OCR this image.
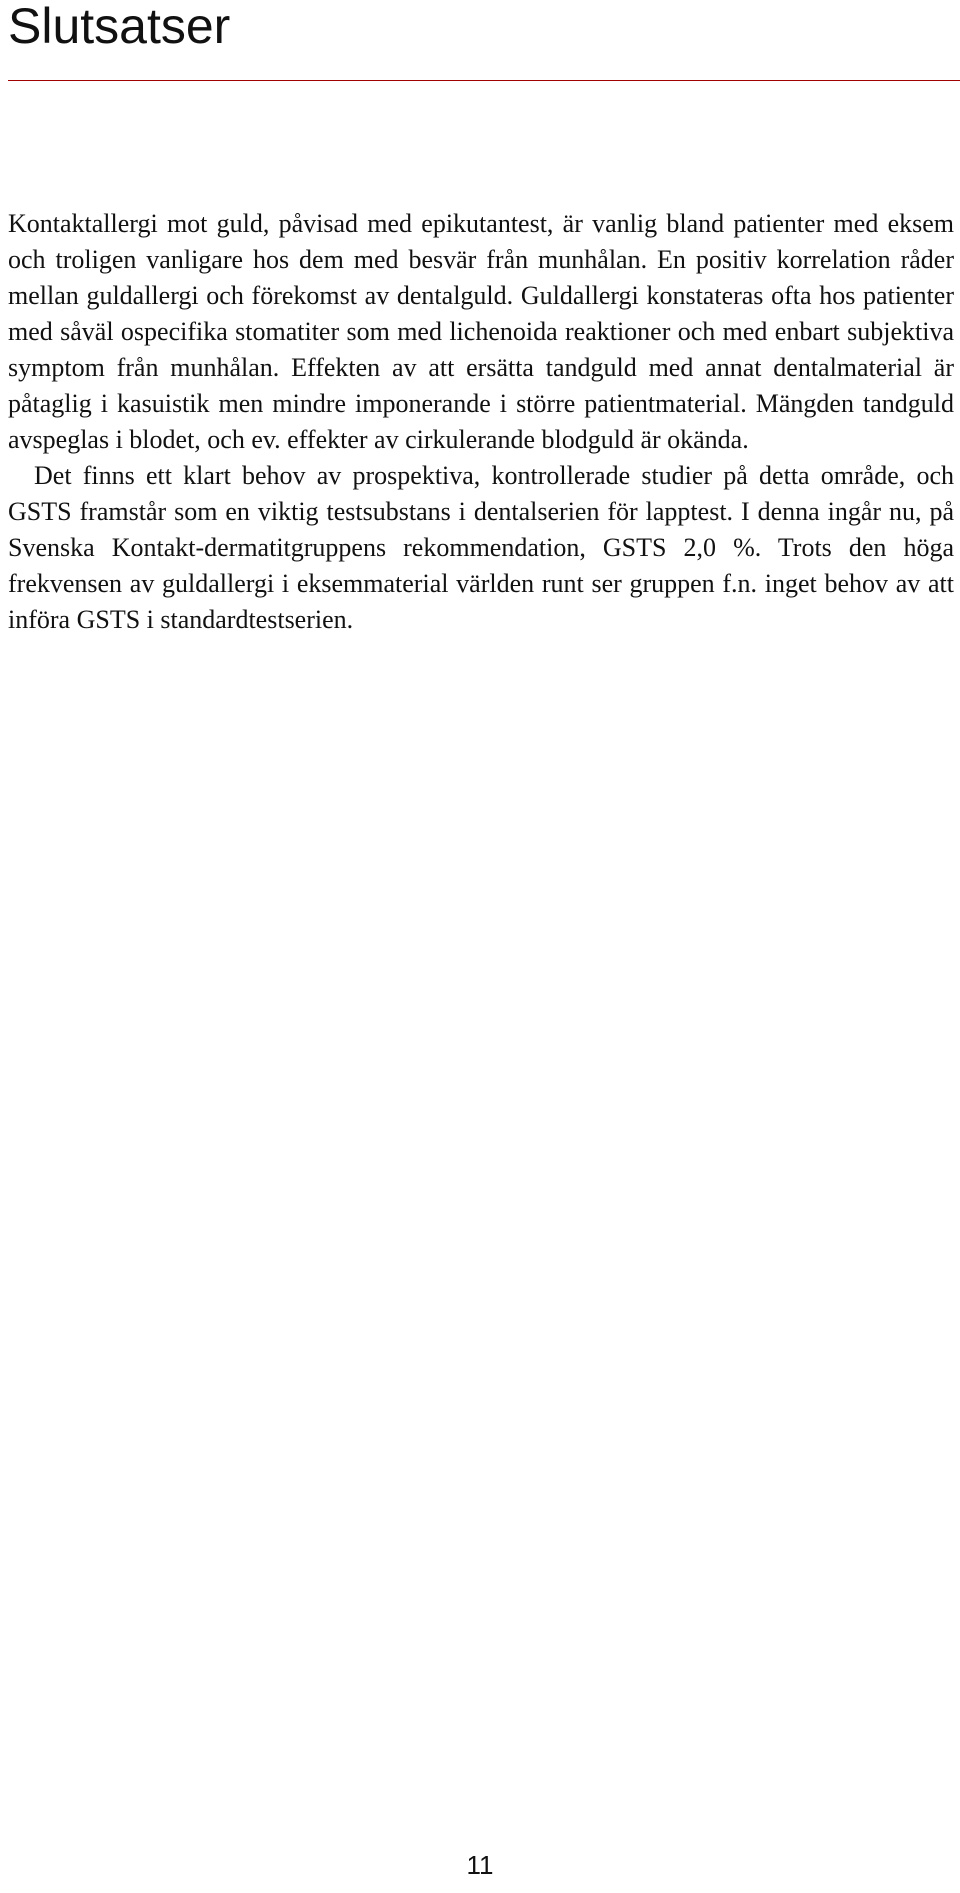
Slutsatser

Kontaktallergi mot guld, påvisad med epikutantest, är vanlig bland patienter med eksem och troligen vanligare hos dem med besvär från munhålan. En positiv korrelation råder mellan guldallergi och förekomst av dentalguld. Guldallergi konstateras ofta hos patienter med såväl ospecifika stomatiter som med lichenoida reaktioner och med enbart subjektiva symptom från munhålan. Effekten av att ersätta tandguld med annat dentalmaterial är påtaglig i kasuistik men mindre imponerande i större patientmaterial. Mängden tandguld avspeglas i blodet, och ev. effekter av cirkulerande blodguld är okända.

Det finns ett klart behov av prospektiva, kontrollerade studier på detta område, och GSTS framstår som en viktig testsubstans i dentalserien för lapptest. I denna ingår nu, på Svenska Kontakt-dermatitgruppens rekommendation, GSTS 2,0 %. Trots den höga frekvensen av guldallergi i eksemmaterial världen runt ser gruppen f.n. inget behov av att införa GSTS i standardtestserien.

11
